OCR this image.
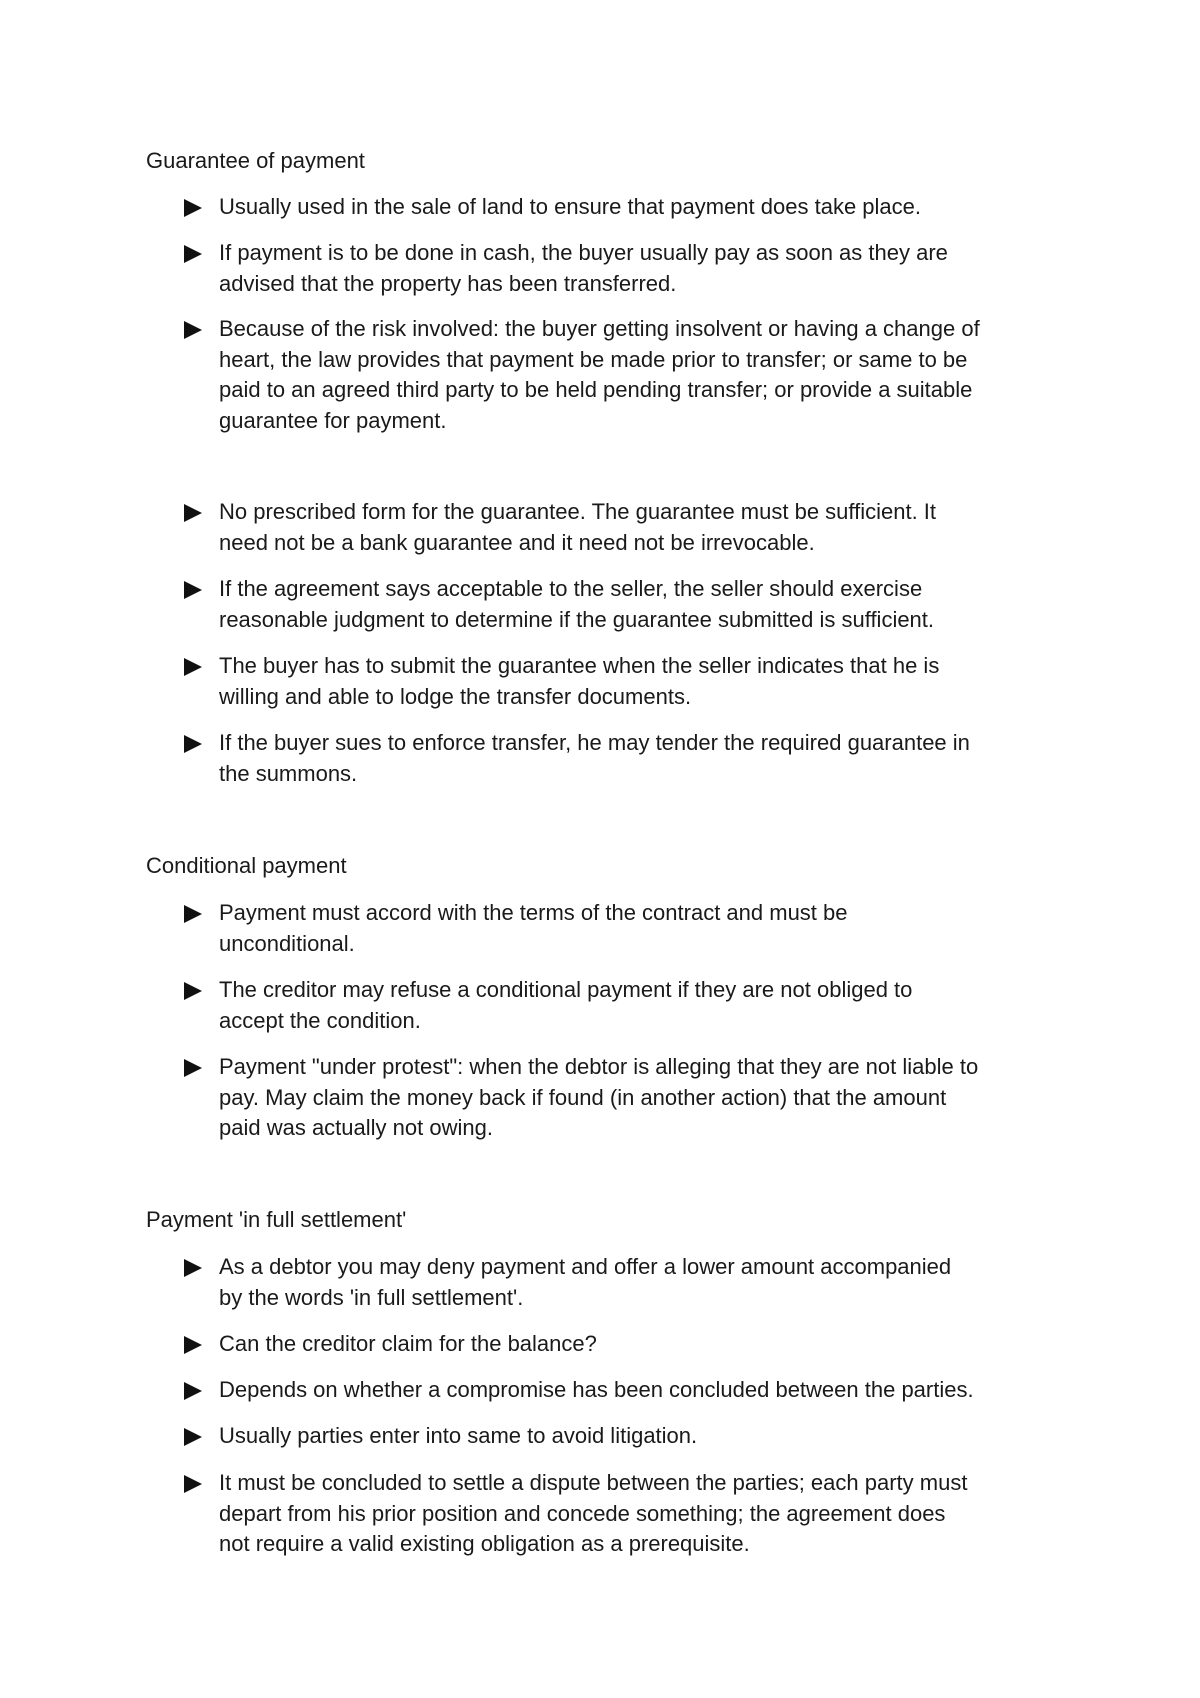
Guarantee of payment
Usually used in the sale of land to ensure that payment does take place.
If payment is to be done in cash, the buyer usually pay as soon as they are
advised that the property has been transferred.
Because of the risk involved: the buyer getting insolvent or having a change of
heart, the law provides that payment be made prior to transfer; or same to be
paid to an agreed third party to be held pending transfer; or provide a suitable
guarantee for payment.
No prescribed form for the guarantee. The guarantee must be sufficient. It
need not be a bank guarantee and it need not be irrevocable.
If the agreement says acceptable to the seller, the seller should exercise
reasonable judgment to determine if the guarantee submitted is sufficient.
The buyer has to submit the guarantee when the seller indicates that he is
willing and able to lodge the transfer documents.
If the buyer sues to enforce transfer, he may tender the required guarantee in
the summons.
Conditional payment
Payment must accord with the terms of the contract and must be
unconditional.
The creditor may refuse a conditional payment if they are not obliged to
accept the condition.
Payment "under protest": when the debtor is alleging that they are not liable to
pay. May claim the money back if found (in another action) that the amount
paid was actually not owing.
Payment 'in full settlement'
As a debtor you may deny payment and offer a lower amount accompanied
by the words 'in full settlement'.
Can the creditor claim for the balance?
Depends on whether a compromise has been concluded between the parties.
Usually parties enter into same to avoid litigation.
It must be concluded to settle a dispute between the parties; each party must
depart from his prior position and concede something; the agreement does
not require a valid existing obligation as a prerequisite.
